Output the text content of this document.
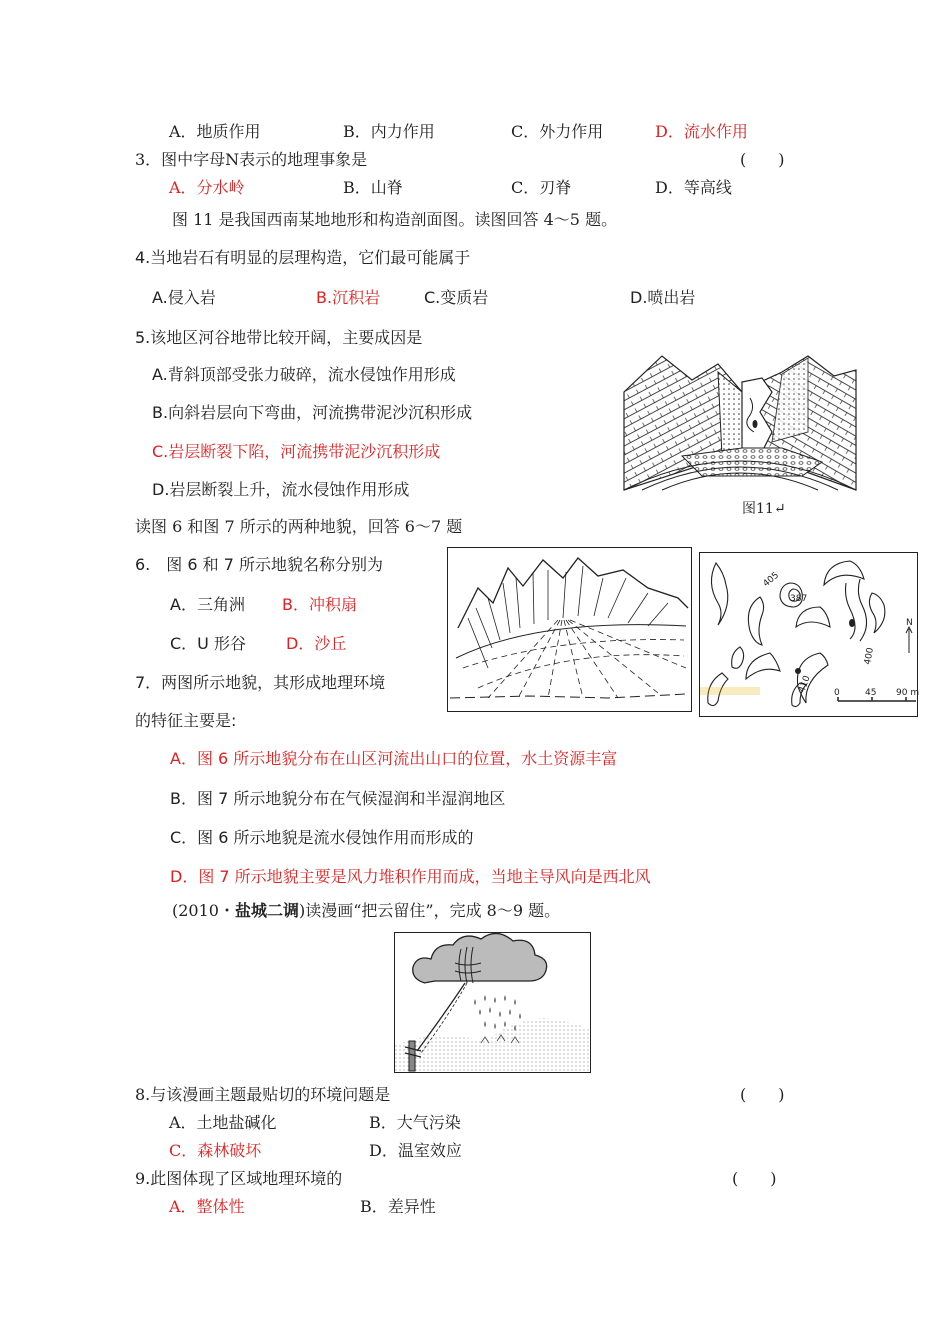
A．地质作用	B．内力作用	C．外力作用	D．流水作用
3．图中字母N表示的地理事象是	(　　)
A．分水岭	B．山脊	C．刃脊	D．等高线
图 11 是我国西南某地地形和构造剖面图。读图回答 4～5 题。
4.当地岩石有明显的层理构造，它们最可能属于
A.侵入岩	B.沉积岩	C.变质岩	D.喷出岩
5.该地区河谷地带比较开阔，主要成因是
A.背斜顶部受张力破碎，流水侵蚀作用形成
B.向斜岩层向下弯曲，河流携带泥沙沉积形成
C.岩层断裂下陷，河流携带泥沙沉积形成
D.岩层断裂上升，流水侵蚀作用形成
图11↵
读图 6 和图 7 所示的两种地貌，回答 6～7 题
6.　图 6 和 7 所示地貌名称分别为
A．三角洲 B．冲积扇
C．U 形谷	D．沙丘
405
387
400
410
N
0	45 90 m
7．两图所示地貌，其形成地理环境
的特征主要是:
A．图 6 所示地貌分布在山区河流出山口的位置，水土资源丰富
B．图 7 所示地貌分布在气候湿润和半湿润地区
C．图 6 所示地貌是流水侵蚀作用而形成的
D．图 7 所示地貌主要是风力堆积作用而成，当地主导风向是西北风
(2010・盐城二调)读漫画“把云留住”，完成 8～9 题。
8.与该漫画主题最贴切的环境问题是	(　　)
A．土地盐碱化	B．大气污染
C．森林破坏	D．温室效应
9.此图体现了区域地理环境的	(　　)
A．整体性	B．差异性
